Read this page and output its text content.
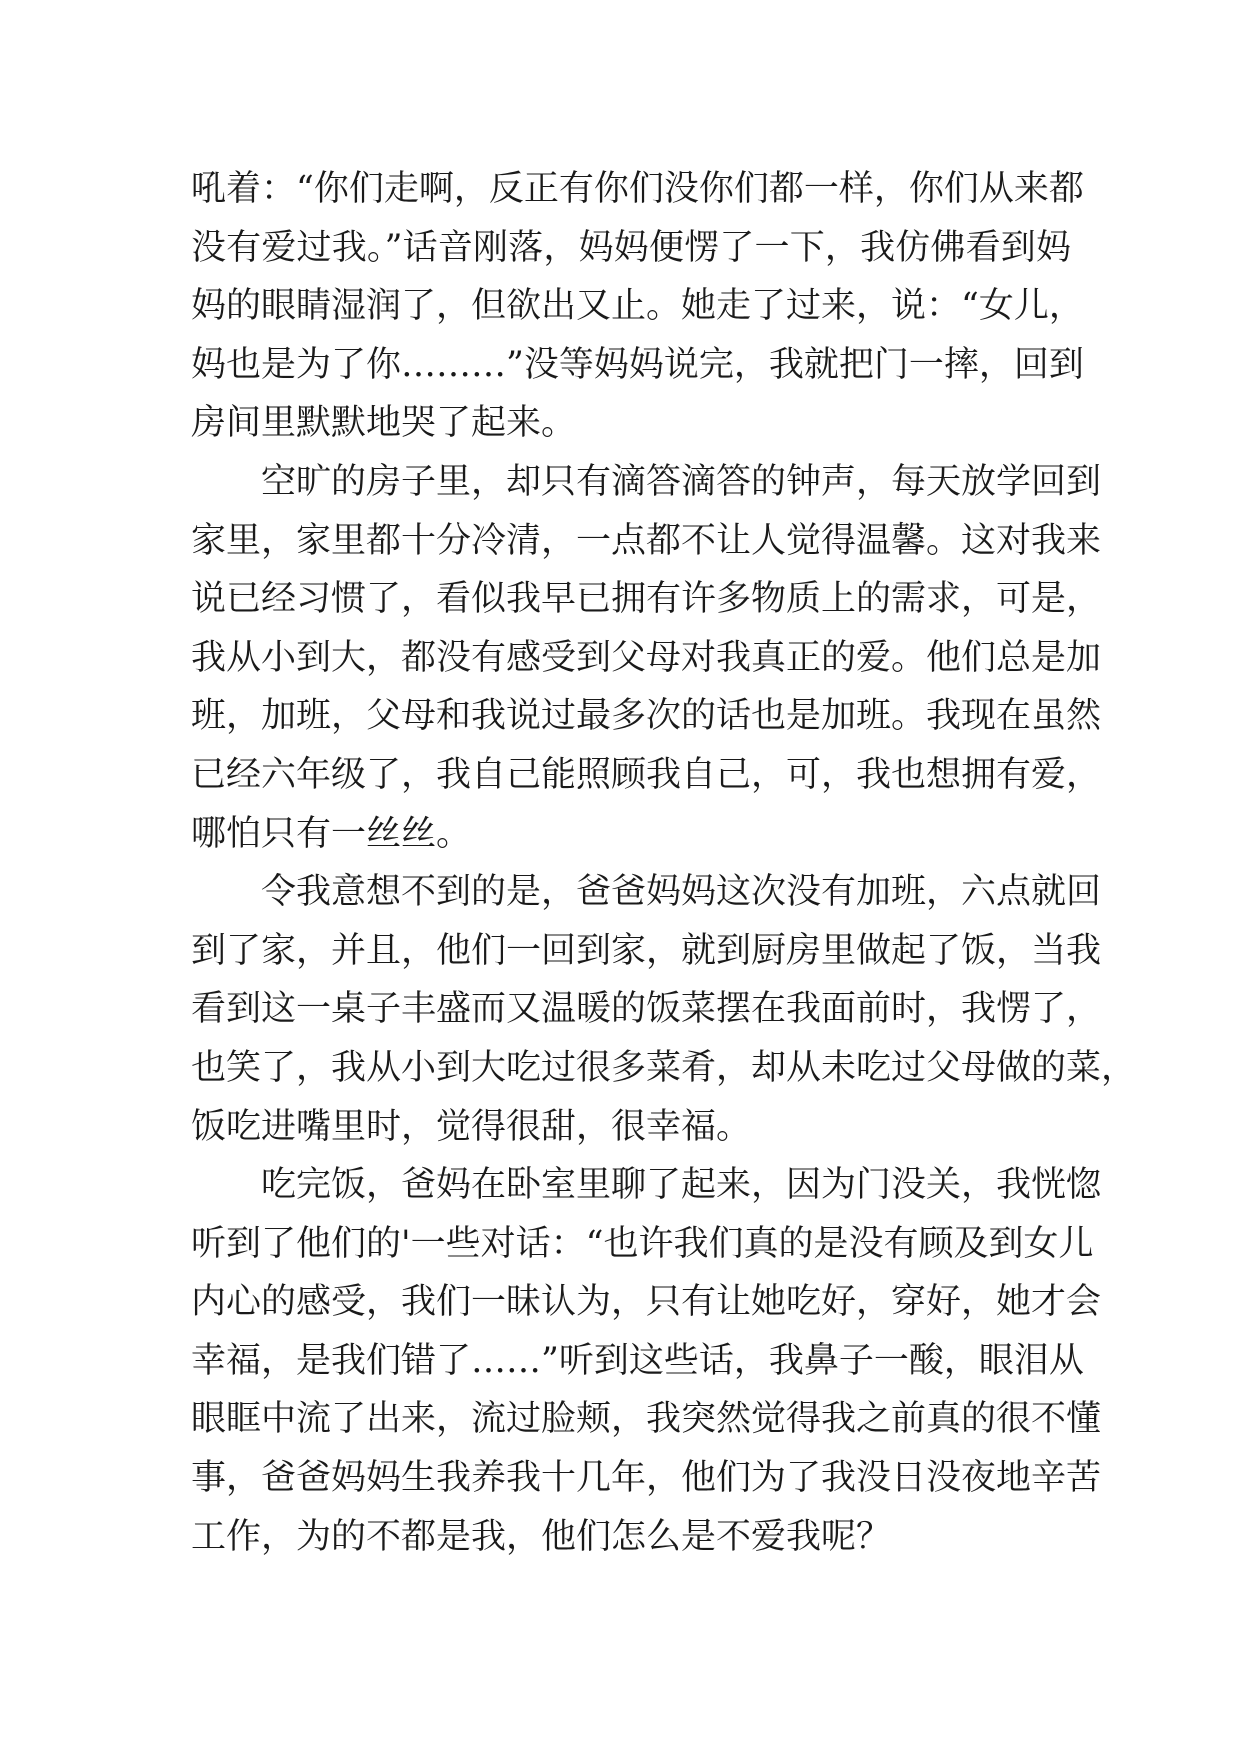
吼着：“你们走啊，反正有你们没你们都一样，你们从来都
没有爱过我。”话音刚落，妈妈便愣了一下，我仿佛看到妈
妈的眼睛湿润了，但欲出又止。她走了过来，说：“女儿，
妈也是为了你………”没等妈妈说完，我就把门一摔，回到
房间里默默地哭了起来。
空旷的房子里，却只有滴答滴答的钟声，每天放学回到
家里，家里都十分冷清，一点都不让人觉得温馨。这对我来
说已经习惯了，看似我早已拥有许多物质上的需求，可是，
我从小到大，都没有感受到父母对我真正的爱。他们总是加
班，加班，父母和我说过最多次的话也是加班。我现在虽然
已经六年级了，我自己能照顾我自己，可，我也想拥有爱，
哪怕只有一丝丝。
令我意想不到的是，爸爸妈妈这次没有加班，六点就回
到了家，并且，他们一回到家，就到厨房里做起了饭，当我
看到这一桌子丰盛而又温暖的饭菜摆在我面前时，我愣了，
也笑了，我从小到大吃过很多菜肴，却从未吃过父母做的菜，
饭吃进嘴里时，觉得很甜，很幸福。
吃完饭，爸妈在卧室里聊了起来，因为门没关，我恍惚
听到了他们的'一些对话：“也许我们真的是没有顾及到女儿
内心的感受，我们一昧认为，只有让她吃好，穿好，她才会
幸福，是我们错了……”听到这些话，我鼻子一酸，眼泪从
眼眶中流了出来，流过脸颊，我突然觉得我之前真的很不懂
事，爸爸妈妈生我养我十几年，他们为了我没日没夜地辛苦
工作，为的不都是我，他们怎么是不爱我呢？
